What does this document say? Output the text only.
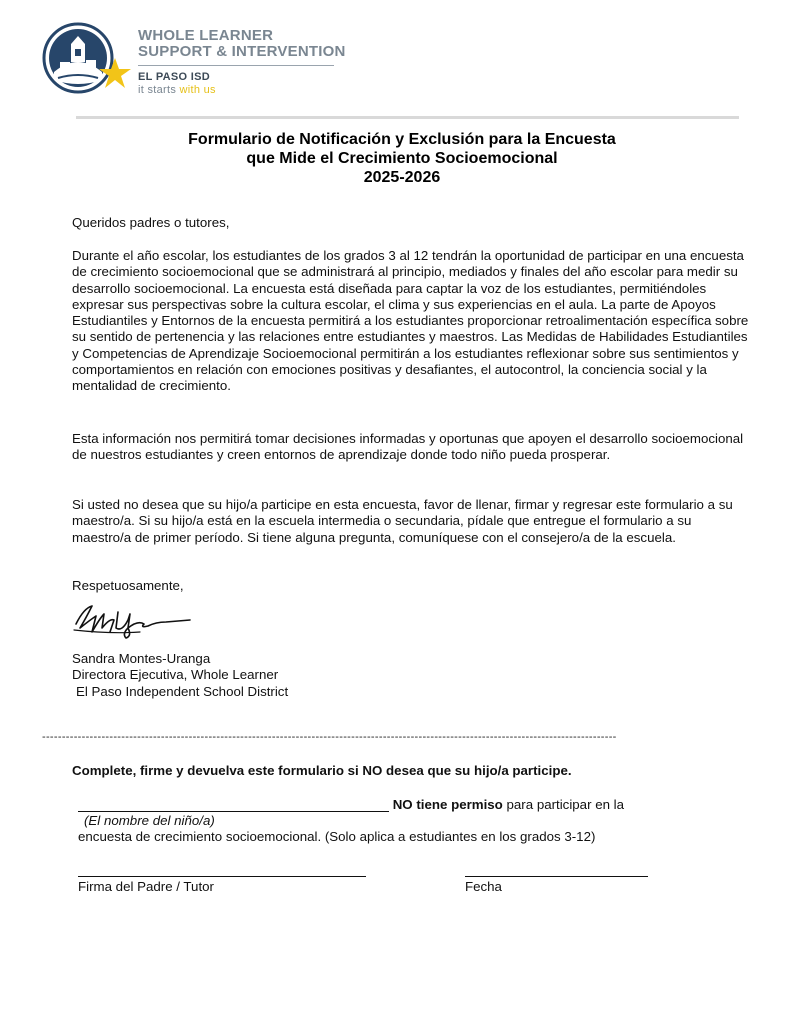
WHOLE LEARNER
SUPPORT & INTERVENTION
EL PASO ISD
it starts with us
Formulario de Notificación y Exclusión para la Encuesta
que Mide el Crecimiento Socioemocional
2025-2026
Queridos padres o tutores,
Durante el año escolar, los estudiantes de los grados 3 al 12 tendrán la oportunidad de participar en una encuesta de crecimiento socioemocional que se administrará al principio, mediados y finales del año escolar para medir su desarrollo socioemocional. La encuesta está diseñada para captar la voz de los estudiantes, permitiéndoles expresar sus perspectivas sobre la cultura escolar, el clima y sus experiencias en el aula. La parte de Apoyos Estudiantiles y Entornos de la encuesta permitirá a los estudiantes proporcionar retroalimentación específica sobre su sentido de pertenencia y las relaciones entre estudiantes y maestros. Las Medidas de Habilidades Estudiantiles y Competencias de Aprendizaje Socioemocional permitirán a los estudiantes reflexionar sobre sus sentimientos y comportamientos en relación con emociones positivas y desafiantes, el autocontrol, la conciencia social y la mentalidad de crecimiento.
Esta información nos permitirá tomar decisiones informadas y oportunas que apoyen el desarrollo socioemocional de nuestros estudiantes y creen entornos de aprendizaje donde todo niño pueda prosperar.
Si usted no desea que su hijo/a participe en esta encuesta, favor de llenar, firmar y regresar este formulario a su maestro/a. Si su hijo/a está en la escuela intermedia o secundaria, pídale que entregue el formulario a su maestro/a de primer período. Si tiene alguna pregunta, comuníquese con el consejero/a de la escuela.
Respetuosamente,
Sandra Montes-Uranga
Directora Ejecutiva, Whole Learner
El Paso Independent School District
-------------------------------------------------------------------------------------------------------------------------------------------------
Complete, firme y devuelva este formulario si NO desea que su hijo/a participe.
NO tiene permiso para participar en la
(El nombre del niño/a)
encuesta de crecimiento socioemocional. (Solo aplica a estudiantes en los grados 3-12)
Firma del Padre / Tutor	Fecha
